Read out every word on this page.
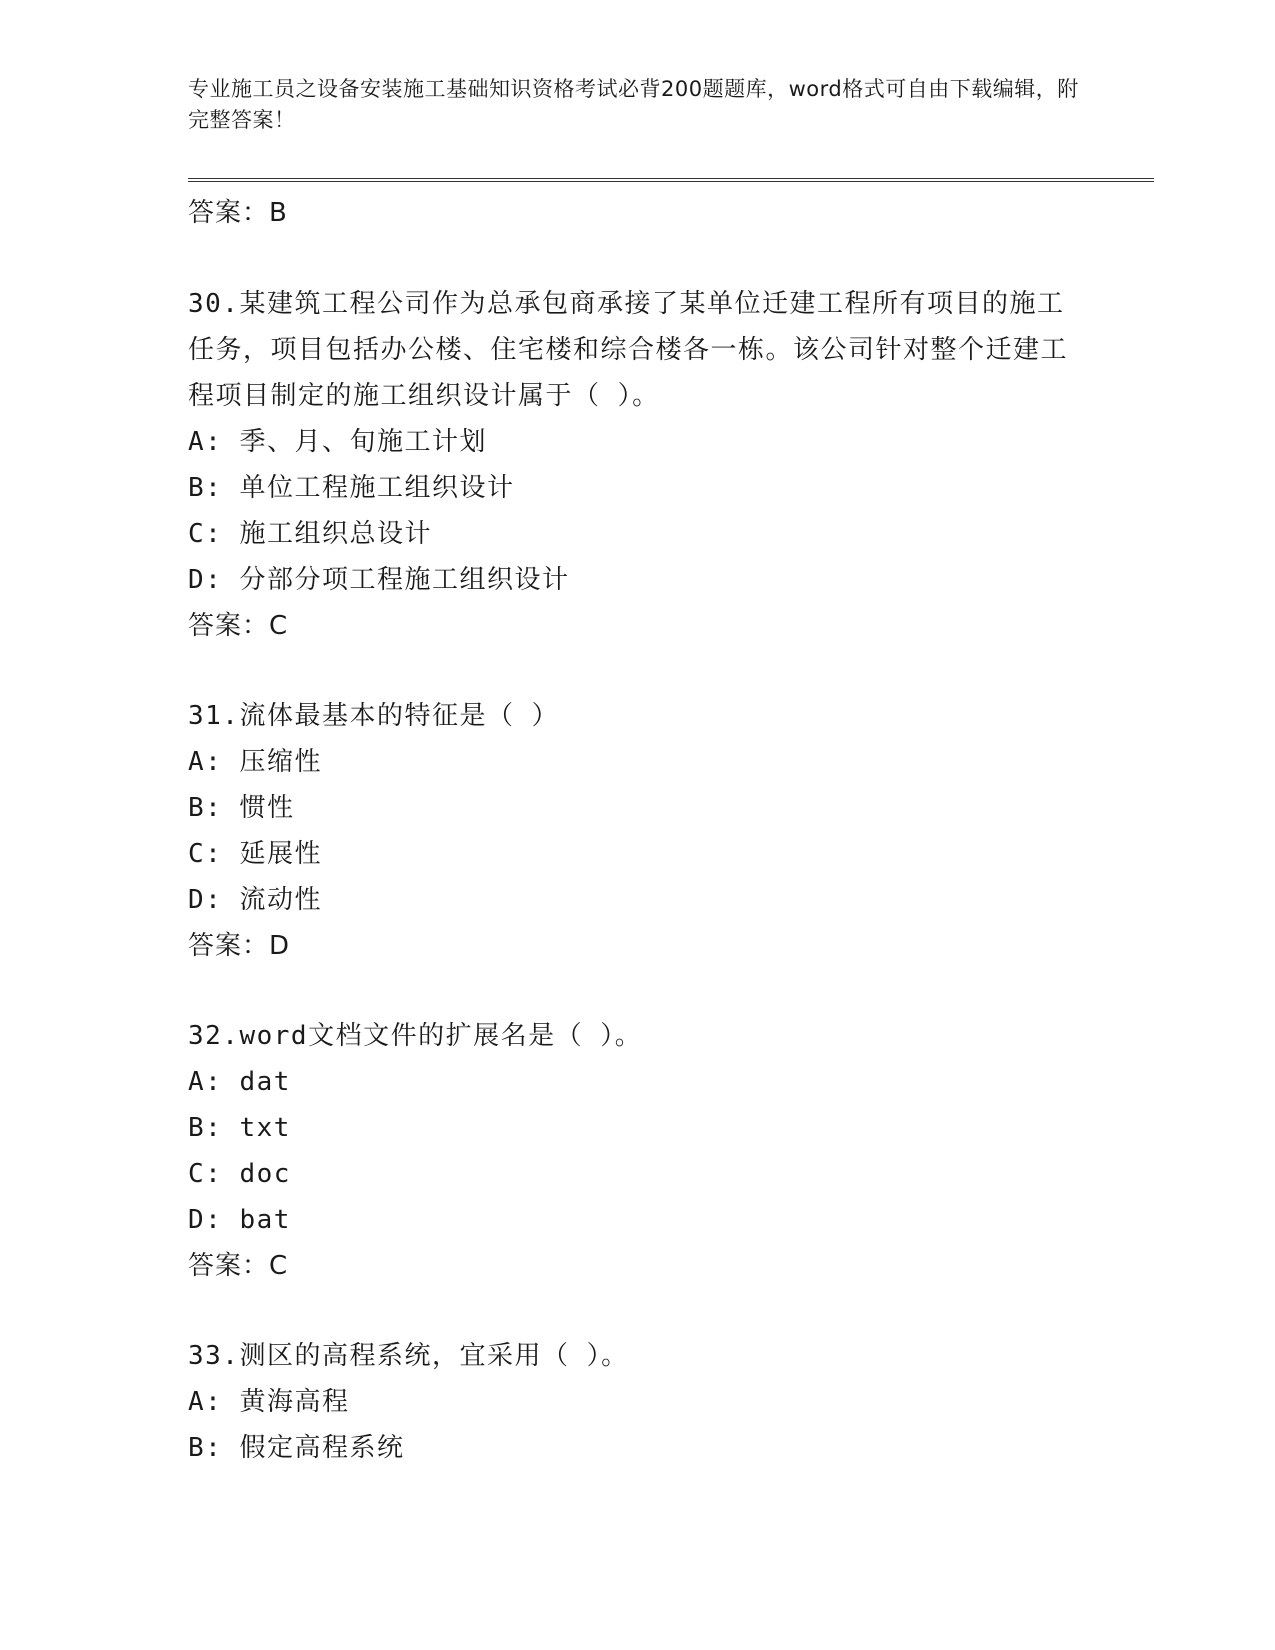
专业施工员之设备安装施工基础知识资格考试必背200题题库，word格式可自由下载编辑，附完整答案！
答案：B
30.某建筑工程公司作为总承包商承接了某单位迁建工程所有项目的施工任务，项目包括办公楼、住宅楼和综合楼各一栋。该公司针对整个迁建工程项目制定的施工组织设计属于（ ）。
A: 季、月、旬施工计划
B: 单位工程施工组织设计
C: 施工组织总设计
D: 分部分项工程施工组织设计
答案：C
31.流体最基本的特征是（ ）
A: 压缩性
B: 惯性
C: 延展性
D: 流动性
答案：D
32.word文档文件的扩展名是（ ）。
A: dat
B: txt
C: doc
D: bat
答案：C
33.测区的高程系统，宜采用（ ）。
A: 黄海高程
B: 假定高程系统
